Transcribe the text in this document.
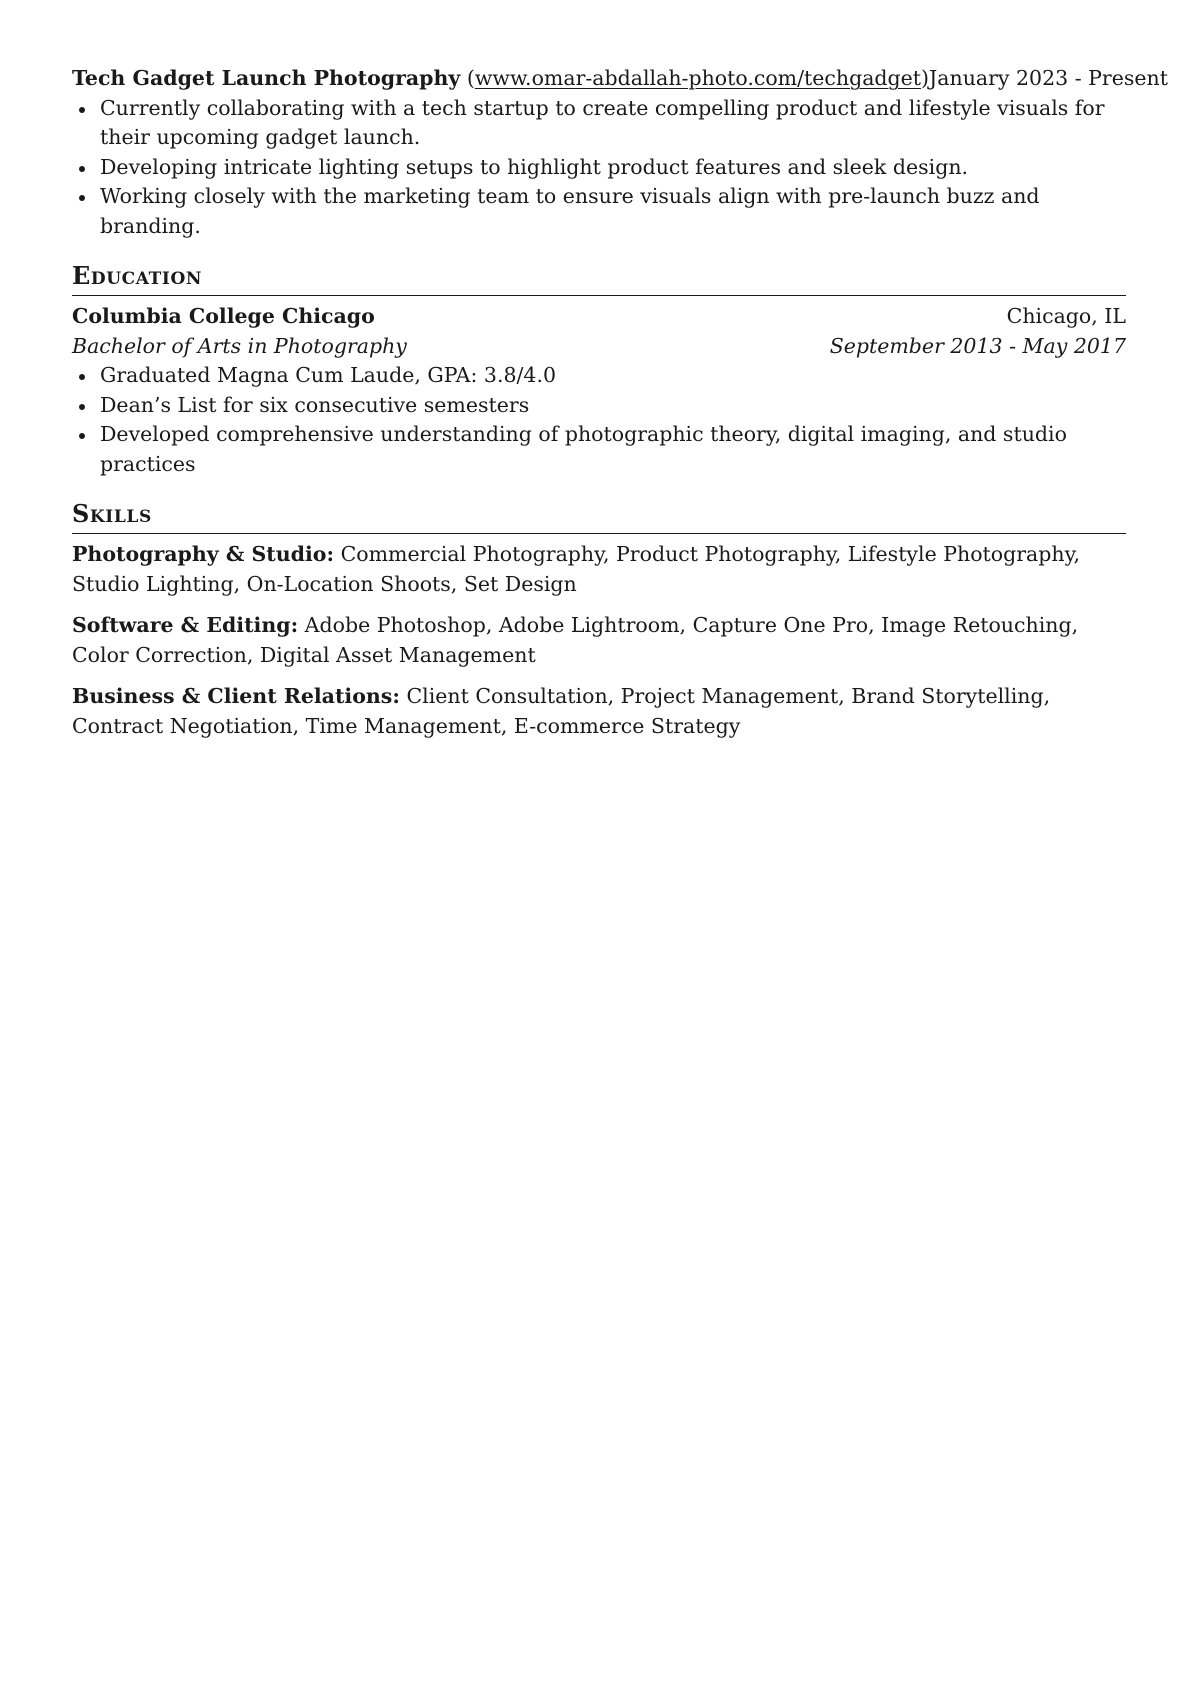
Tech Gadget Launch Photography (www.omar-abdallah-photo.com/techgadget) January 2023 - Present
Currently collaborating with a tech startup to create compelling product and lifestyle visuals for their upcoming gadget launch.
Developing intricate lighting setups to highlight product features and sleek design.
Working closely with the marketing team to ensure visuals align with pre-launch buzz and branding.
Education
Columbia College Chicago	Chicago, IL
Bachelor of Arts in Photography	September 2013 - May 2017
Graduated Magna Cum Laude, GPA: 3.8/4.0
Dean’s List for six consecutive semesters
Developed comprehensive understanding of photographic theory, digital imaging, and studio practices
Skills

Photography & Studio: Commercial Photography, Product Photography, Lifestyle Photography, Studio Lighting, On-Location Shoots, Set Design

Software & Editing: Adobe Photoshop, Adobe Lightroom, Capture One Pro, Image Retouching, Color Correction, Digital Asset Management

Business & Client Relations: Client Consultation, Project Management, Brand Storytelling, Contract Negotiation, Time Management, E-commerce Strategy
